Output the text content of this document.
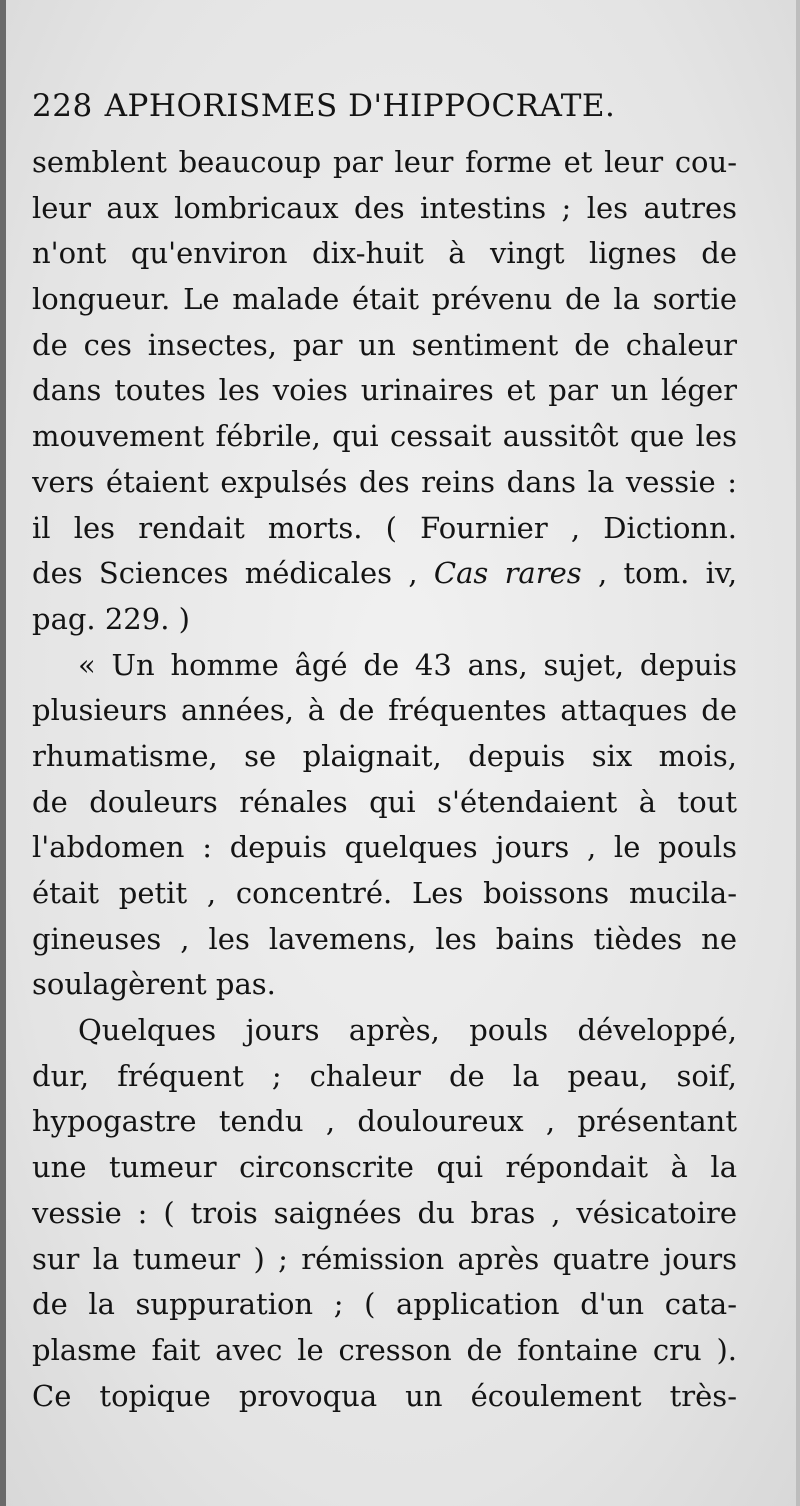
228 APHORISMES D'HIPPOCRATE.
semblent beaucoup par leur forme et leur cou-
leur aux lombricaux des intestins ; les autres
n'ont qu'environ dix-huit à vingt lignes de
longueur. Le malade était prévenu de la sortie
de ces insectes, par un sentiment de chaleur
dans toutes les voies urinaires et par un léger
mouvement fébrile, qui cessait aussitôt que les
vers étaient expulsés des reins dans la vessie :
il les rendait morts. ( Fournier , Dictionn.
des Sciences médicales , Cas rares , tom. iv,
pag. 229. )
« Un homme âgé de 43 ans, sujet, depuis
plusieurs années, à de fréquentes attaques de
rhumatisme, se plaignait, depuis six mois,
de douleurs rénales qui s'étendaient à tout
l'abdomen : depuis quelques jours , le pouls
était petit , concentré. Les boissons mucila-
gineuses , les lavemens, les bains tièdes ne
soulagèrent pas.
Quelques jours après, pouls développé,
dur, fréquent ; chaleur de la peau, soif,
hypogastre tendu , douloureux , présentant
une tumeur circonscrite qui répondait à la
vessie : ( trois saignées du bras , vésicatoire
sur la tumeur ) ; rémission après quatre jours
de la suppuration ; ( application d'un cata-
plasme fait avec le cresson de fontaine cru ).
Ce topique provoqua un écoulement très-
